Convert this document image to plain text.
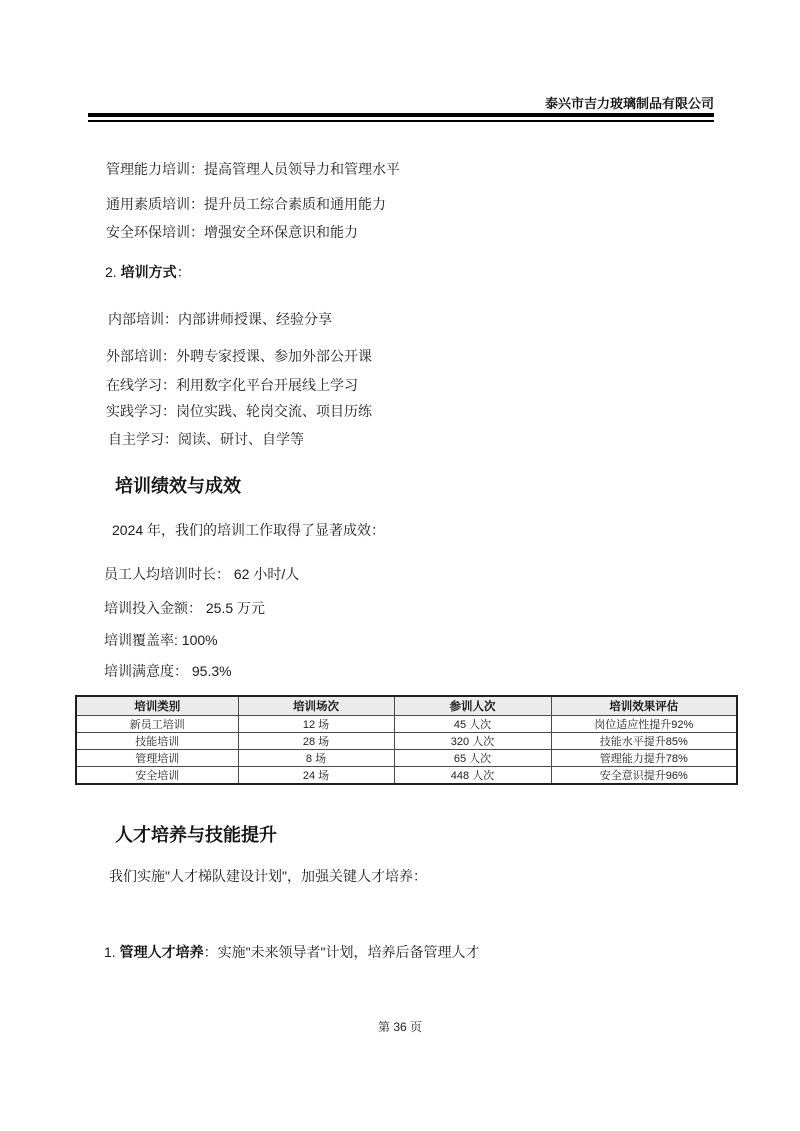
泰兴市吉力玻璃制品有限公司
管理能力培训：提高管理人员领导力和管理水平
通用素质培训：提升员工综合素质和通用能力
安全环保培训：增强安全环保意识和能力
2. 培训方式：
内部培训：内部讲师授课、经验分享
外部培训：外聘专家授课、参加外部公开课
在线学习：利用数字化平台开展线上学习
实践学习：岗位实践、轮岗交流、项目历练
自主学习：阅读、研讨、自学等
培训绩效与成效
2024 年，我们的培训工作取得了显著成效：
员工人均培训时长： 62 小时/人
培训投入金额： 25.5 万元
培训覆盖率: 100%
培训满意度： 95.3%
培训类别	培训场次	参训人次	培训效果评估
新员工培训	12 场	45 人次	岗位适应性提升92%
技能培训	28 场	320 人次	技能水平提升85%
管理培训	8 场	65 人次	管理能力提升78%
安全培训	24 场	448 人次	安全意识提升96%
人才培养与技能提升
我们实施"人才梯队建设计划"，加强关键人才培养：
1. 管理人才培养：实施"未来领导者"计划，培养后备管理人才
第 36 页
